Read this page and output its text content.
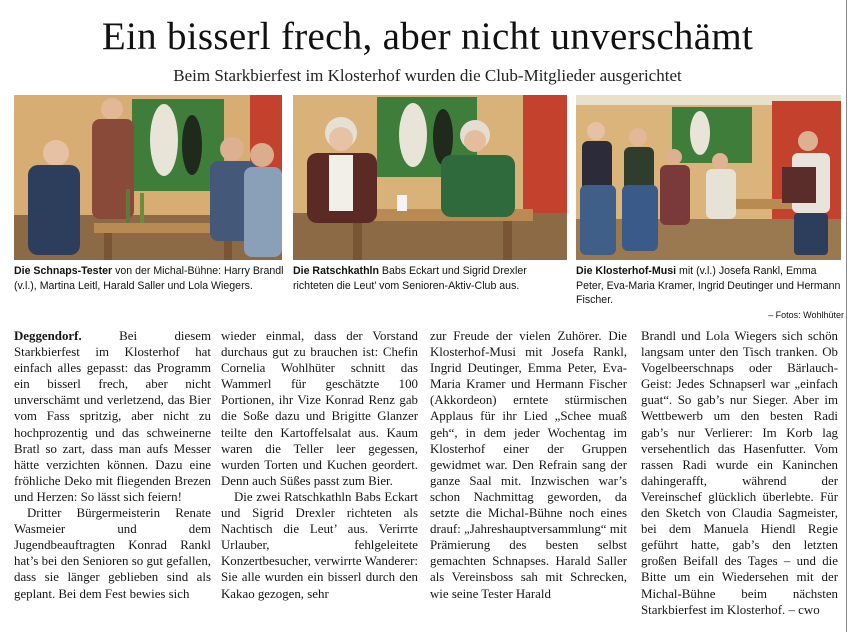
Ein bisserl frech, aber nicht unverschämt
Beim Starkbierfest im Klosterhof wurden die Club-Mitglieder ausgerichtet
Die Schnaps-Tester von der Michal-Bühne: Harry Brandl (v.l.), Martina Leitl, Harald Saller und Lola Wiegers.
Die Ratschkathln Babs Eckart und Sigrid Drexler richteten die Leut’ vom Senioren-Aktiv-Club aus.
Die Klosterhof-Musi mit (v.l.) Josefa Rankl, Emma Peter, Eva-Maria Kramer, Ingrid Deutinger und Hermann Fischer.
– Fotos: Wohlhüter

Deggendorf. Bei diesem Starkbierfest im Klosterhof hat einfach alles gepasst: das Programm ein bisserl frech, aber nicht unverschämt und verletzend, das Bier vom Fass spritzig, aber nicht zu hochprozentig und das schweinerne Bratl so zart, dass man aufs Messer hätte verzichten können. Dazu eine fröhliche Deko mit fliegenden Brezen und Herzen: So lässt sich feiern!

Dritter Bürgermeisterin Renate Wasmeier und dem Jugendbeauftragten Konrad Rankl hat’s bei den Senioren so gut gefallen, dass sie länger geblieben sind als geplant. Bei dem Fest bewies sich

wieder einmal, dass der Vorstand durchaus gut zu brauchen ist: Chefin Cornelia Wohlhüter schnitt das Wammerl für geschätzte 100 Portionen, ihr Vize Konrad Renz gab die Soße dazu und Brigitte Glanzer teilte den Kartoffelsalat aus. Kaum waren die Teller leer gegessen, wurden Torten und Kuchen geordert. Denn auch Süßes passt zum Bier.

Die zwei Ratschkathln Babs Eckart und Sigrid Drexler richteten als Nachtisch die Leut’ aus. Verirrte Urlauber, fehlgeleitete Konzertbesucher, verwirrte Wanderer: Sie alle wurden ein bisserl durch den Kakao gezogen, sehr

zur Freude der vielen Zuhörer. Die Klosterhof-Musi mit Josefa Rankl, Ingrid Deutinger, Emma Peter, Eva-Maria Kramer und Hermann Fischer (Akkordeon) erntete stürmischen Applaus für ihr Lied „Schee muaß geh“, in dem jeder Wochentag im Klosterhof einer der Gruppen gewidmet war. Den Refrain sang der ganze Saal mit. Inzwischen war’s schon Nachmittag geworden, da setzte die Michal-Bühne noch eines drauf: „Jahreshauptversammlung“ mit Prämierung des besten selbst gemachten Schnapses. Harald Saller als Vereinsboss sah mit Schrecken, wie seine Tester Harald

Brandl und Lola Wiegers sich schön langsam unter den Tisch tranken. Ob Vogelbeerschnaps oder Bärlauch-Geist: Jedes Schnapserl war „einfach guat“. So gab’s nur Sieger. Aber im Wettbewerb um den besten Radi gab’s nur Verlierer: Im Korb lag versehentlich das Hasenfutter. Vom rassen Radi wurde ein Kaninchen dahingerafft, während der Vereinschef glücklich überlebte. Für den Sketch von Claudia Sagmeister, bei dem Manuela Hiendl Regie geführt hatte, gab’s den letzten großen Beifall des Tages – und die Bitte um ein Wiedersehen mit der Michal-Bühne beim nächsten Starkbierfest im Klosterhof. – cwo
